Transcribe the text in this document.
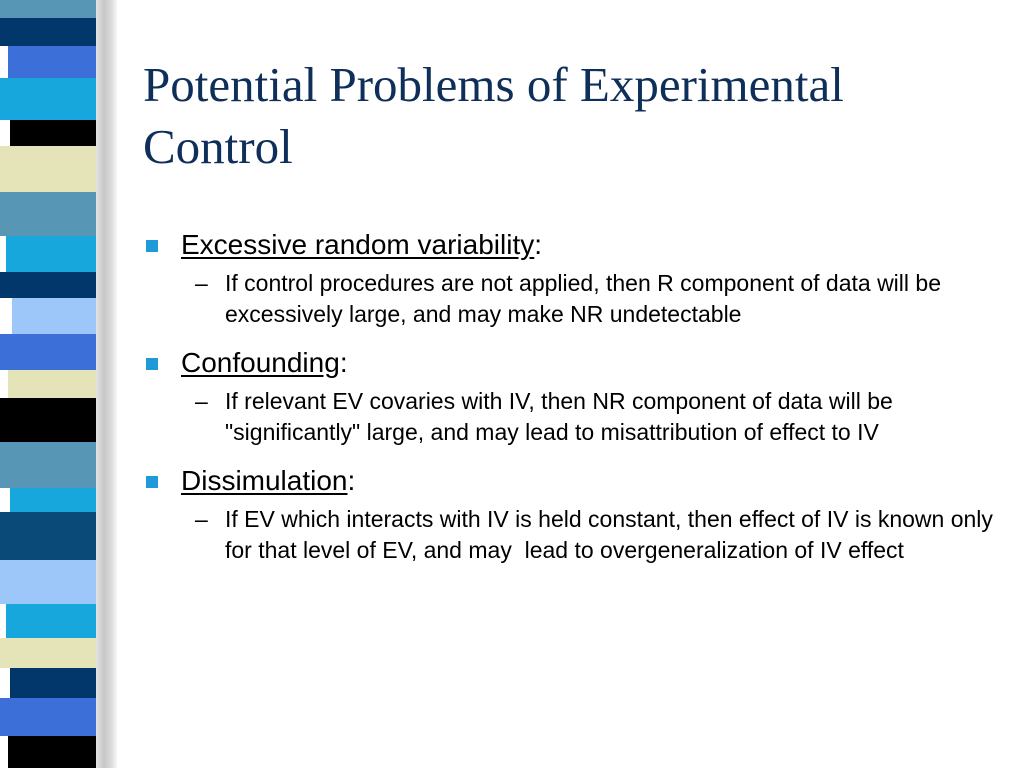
Potential Problems of Experimental Control
Excessive random variability:
– If control procedures are not applied, then R component of data will be excessively large, and may make NR undetectable
Confounding:
– If relevant EV covaries with IV, then NR component of data will be "significantly" large, and may lead to misattribution of effect to IV
Dissimulation:
– If EV which interacts with IV is held constant, then effect of IV is known only for that level of EV, and may  lead to overgeneralization of IV effect
